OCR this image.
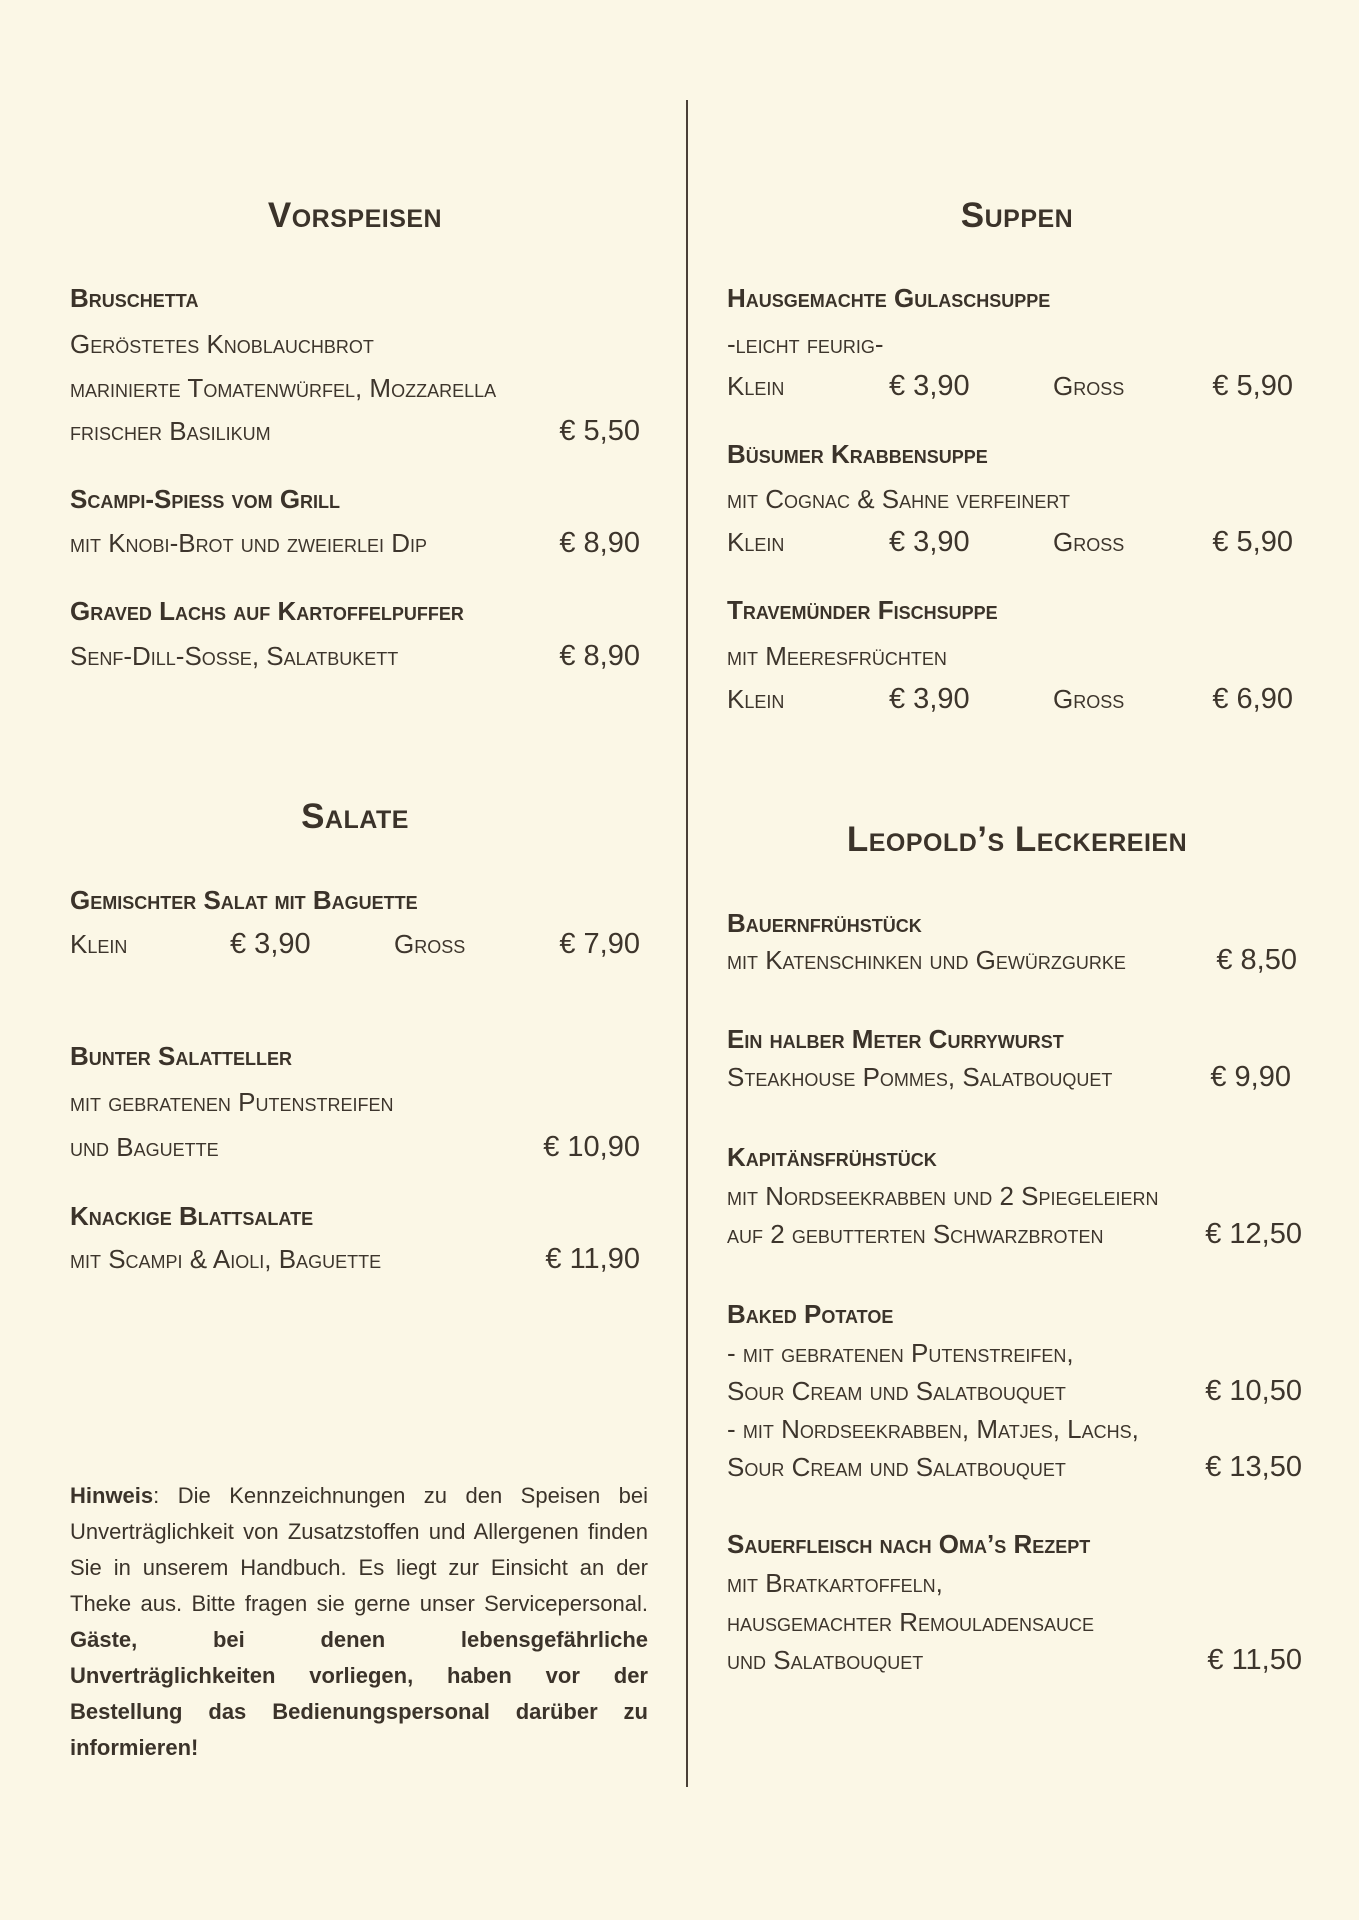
Vorspeisen
Bruschetta
Geröstetes Knoblauchbrot
marinierte Tomatenwürfel, Mozzarella
frischer Basilikum	€ 5,50
Scampi-Spieß vom Grill
mit Knobi-Brot und zweierlei Dip	€ 8,90
Graved Lachs auf Kartoffelpuffer
Senf-Dill-Soße, Salatbukett	€ 8,90
Salate
Gemischter Salat mit Baguette
Klein	€ 3,90	Groß	€ 7,90
Bunter Salatteller
mit gebratenen Putenstreifen
und Baguette	€ 10,90
Knackige Blattsalate
mit Scampi & Aioli, Baguette	€ 11,90
Hinweis: Die Kennzeichnungen zu den Speisen bei Unverträglichkeit von Zusatzstoffen und Allergenen finden Sie in unserem Handbuch. Es liegt zur Einsicht an der Theke aus. Bitte fragen sie gerne unser Servicepersonal. Gäste, bei denen lebensgefährliche Unverträglichkeiten vorliegen, haben vor der Bestellung das Bedienungspersonal darüber zu informieren!
Suppen
Hausgemachte Gulaschsuppe
-leicht feurig-
Klein	€ 3,90	Groß	€ 5,90
Büsumer Krabbensuppe
mit Cognac & Sahne verfeinert
Klein	€ 3,90	Groß	€ 5,90
Travemünder Fischsuppe
mit Meeresfrüchten
Klein	€ 3,90	Groß	€ 6,90
Leopold’s Leckereien
Bauernfrühstück
mit Katenschinken und Gewürzgurke	€ 8,50
Ein halber Meter Currywurst
Steakhouse Pommes, Salatbouquet	€ 9,90
Kapitänsfrühstück
mit Nordseekrabben und 2 Spiegeleiern
auf 2 gebutterten Schwarzbroten	€ 12,50
Baked Potatoe
- mit gebratenen Putenstreifen,
Sour Cream und Salatbouquet	€ 10,50
- mit Nordseekrabben, Matjes, Lachs,
Sour Cream und Salatbouquet	€ 13,50
Sauerfleisch nach Oma’s Rezept
mit Bratkartoffeln,
hausgemachter Remouladensauce
und Salatbouquet	€ 11,50
